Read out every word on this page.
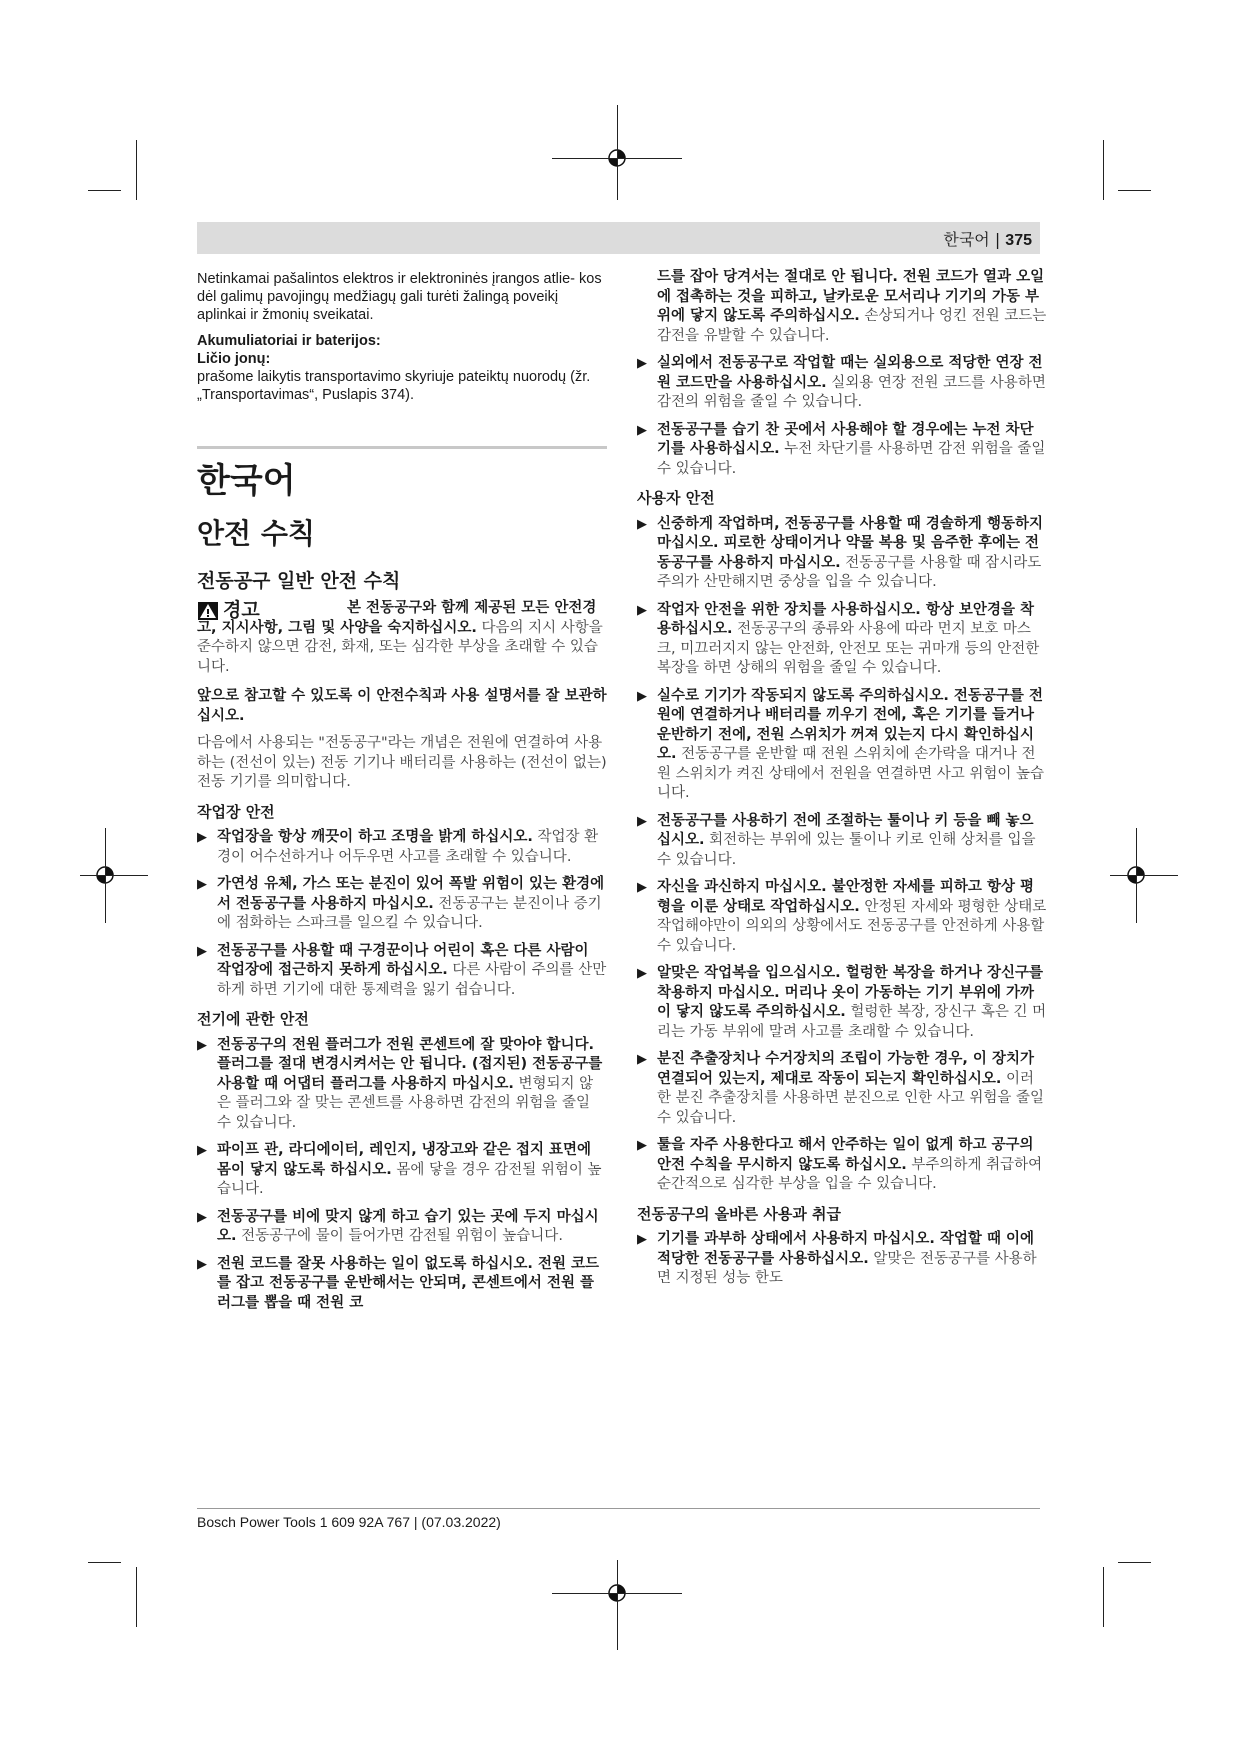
한국어 | 375

Netinkamai pašalintos elektros ir elektroninės įrangos atlie- kos dėl galimų pavojingų medžiagų gali turėti žalingą poveikį aplinkai ir žmonių sveikatai.

Akumuliatoriai ir baterijos:

Ličio jonų:

prašome laikytis transportavimo skyriuje pateiktų nuorodų (žr. „Transportavimas“, Puslapis 374).

한국어
안전 수칙
전동공구 일반 안전 수칙
경고	본 전동공구와 함께 제공된 모든 안전경고, 지시사항, 그림 및 사양을 숙지하십시오. 다음의 지시 사항을 준수하지 않으면 감전, 화재, 또는 심각한 부상을 초래할 수 있습니다.
앞으로 참고할 수 있도록 이 안전수칙과 사용 설명서를 잘 보관하십시오.
다음에서 사용되는 "전동공구"라는 개념은 전원에 연결하여 사용하는 (전선이 있는) 전동 기기나 배터리를 사용하는 (전선이 없는) 전동 기기를 의미합니다.
작업장 안전
▶ 작업장을 항상 깨끗이 하고 조명을 밝게 하십시오. 작업장 환경이 어수선하거나 어두우면 사고를 초래할 수 있습니다.
▶ 가연성 유체, 가스 또는 분진이 있어 폭발 위험이 있는 환경에서 전동공구를 사용하지 마십시오. 전동공구는 분진이나 증기에 점화하는 스파크를 일으킬 수 있습니다.
▶ 전동공구를 사용할 때 구경꾼이나 어린이 혹은 다른 사람이 작업장에 접근하지 못하게 하십시오. 다른 사람이 주의를 산만하게 하면 기기에 대한 통제력을 잃기 쉽습니다.
전기에 관한 안전
▶ 전동공구의 전원 플러그가 전원 콘센트에 잘 맞아야 합니다. 플러그를 절대 변경시켜서는 안 됩니다. (접지된) 전동공구를 사용할 때 어댑터 플러그를 사용하지 마십시오. 변형되지 않은 플러그와 잘 맞는 콘센트를 사용하면 감전의 위험을 줄일 수 있습니다.
▶ 파이프 관, 라디에이터, 레인지, 냉장고와 같은 접지 표면에 몸이 닿지 않도록 하십시오. 몸에 닿을 경우 감전될 위험이 높습니다.
▶ 전동공구를 비에 맞지 않게 하고 습기 있는 곳에 두지 마십시오. 전동공구에 물이 들어가면 감전될 위험이 높습니다.
▶ 전원 코드를 잘못 사용하는 일이 없도록 하십시오. 전원 코드를 잡고 전동공구를 운반해서는 안되며, 콘센트에서 전원 플러그를 뽑을 때 전원 코
드를 잡아 당겨서는 절대로 안 됩니다. 전원 코드가 열과 오일에 접촉하는 것을 피하고, 날카로운 모서리나 기기의 가동 부위에 닿지 않도록 주의하십시오. 손상되거나 엉킨 전원 코드는 감전을 유발할 수 있습니다.
▶ 실외에서 전동공구로 작업할 때는 실외용으로 적당한 연장 전원 코드만을 사용하십시오. 실외용 연장 전원 코드를 사용하면 감전의 위험을 줄일 수 있습니다.
▶ 전동공구를 습기 찬 곳에서 사용해야 할 경우에는 누전 차단기를 사용하십시오. 누전 차단기를 사용하면 감전 위험을 줄일 수 있습니다.
사용자 안전
▶ 신중하게 작업하며, 전동공구를 사용할 때 경솔하게 행동하지 마십시오. 피로한 상태이거나 약물 복용 및 음주한 후에는 전동공구를 사용하지 마십시오. 전동공구를 사용할 때 잠시라도 주의가 산만해지면 중상을 입을 수 있습니다.
▶ 작업자 안전을 위한 장치를 사용하십시오. 항상 보안경을 착용하십시오. 전동공구의 종류와 사용에 따라 먼지 보호 마스크, 미끄러지지 않는 안전화, 안전모 또는 귀마개 등의 안전한 복장을 하면 상해의 위험을 줄일 수 있습니다.
▶ 실수로 기기가 작동되지 않도록 주의하십시오. 전동공구를 전원에 연결하거나 배터리를 끼우기 전에, 혹은 기기를 들거나 운반하기 전에, 전원 스위치가 꺼져 있는지 다시 확인하십시오. 전동공구를 운반할 때 전원 스위치에 손가락을 대거나 전원 스위치가 켜진 상태에서 전원을 연결하면 사고 위험이 높습니다.
▶ 전동공구를 사용하기 전에 조절하는 툴이나 키 등을 빼 놓으십시오. 회전하는 부위에 있는 툴이나 키로 인해 상처를 입을 수 있습니다.
▶ 자신을 과신하지 마십시오. 불안정한 자세를 피하고 항상 평형을 이룬 상태로 작업하십시오. 안정된 자세와 평형한 상태로 작업해야만이 의외의 상황에서도 전동공구를 안전하게 사용할 수 있습니다.
▶ 알맞은 작업복을 입으십시오. 헐렁한 복장을 하거나 장신구를 착용하지 마십시오. 머리나 옷이 가동하는 기기 부위에 가까이 닿지 않도록 주의하십시오. 헐렁한 복장, 장신구 혹은 긴 머리는 가동 부위에 말려 사고를 초래할 수 있습니다.
▶ 분진 추출장치나 수거장치의 조립이 가능한 경우, 이 장치가 연결되어 있는지, 제대로 작동이 되는지 확인하십시오. 이러한 분진 추출장치를 사용하면 분진으로 인한 사고 위험을 줄일 수 있습니다.
▶ 툴을 자주 사용한다고 해서 안주하는 일이 없게 하고 공구의 안전 수칙을 무시하지 않도록 하십시오. 부주의하게 취급하여 순간적으로 심각한 부상을 입을 수 있습니다.
전동공구의 올바른 사용과 취급
▶ 기기를 과부하 상태에서 사용하지 마십시오. 작업할 때 이에 적당한 전동공구를 사용하십시오. 알맞은 전동공구를 사용하면 지정된 성능 한도
Bosch Power Tools 1 609 92A 767 | (07.03.2022)
